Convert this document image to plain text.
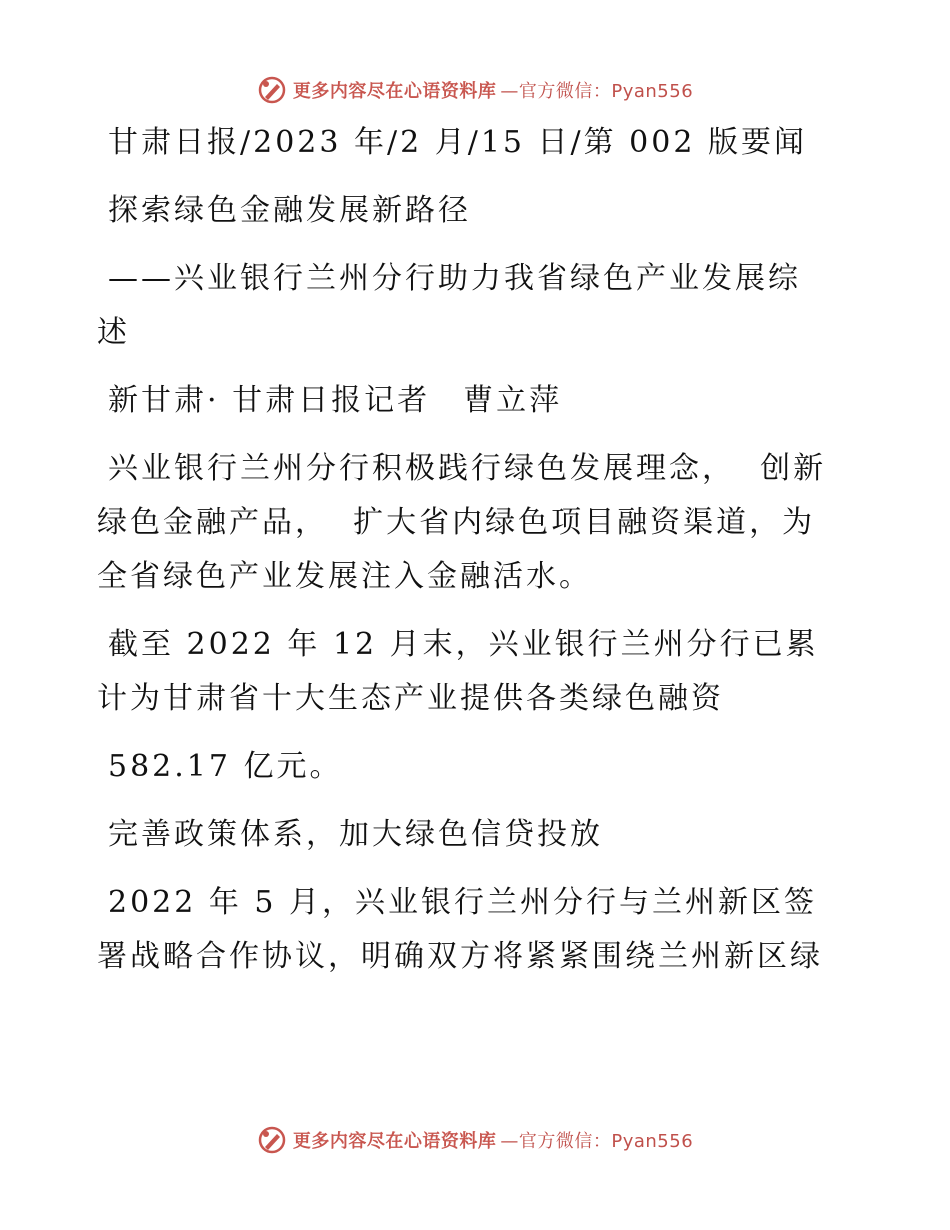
更多内容尽在心语资料库 —官方微信：Pyan556
甘肃日报/2023 年/2 月/15 日/第 002 版要闻
探索绿色金融发展新路径
——兴业银行兰州分行助力我省绿色产业发展综
述
新甘肃· 甘肃日报记者　曹立萍
兴业银行兰州分行积极践行绿色发展理念，  创新
绿色金融产品，  扩大省内绿色项目融资渠道，为
全省绿色产业发展注入金融活水。
截至 2022 年 12 月末，兴业银行兰州分行已累
计为甘肃省十大生态产业提供各类绿色融资
582.17 亿元。
完善政策体系，加大绿色信贷投放
2022 年 5 月，兴业银行兰州分行与兰州新区签
署战略合作协议，明确双方将紧紧围绕兰州新区绿
更多内容尽在心语资料库 —官方微信：Pyan556
